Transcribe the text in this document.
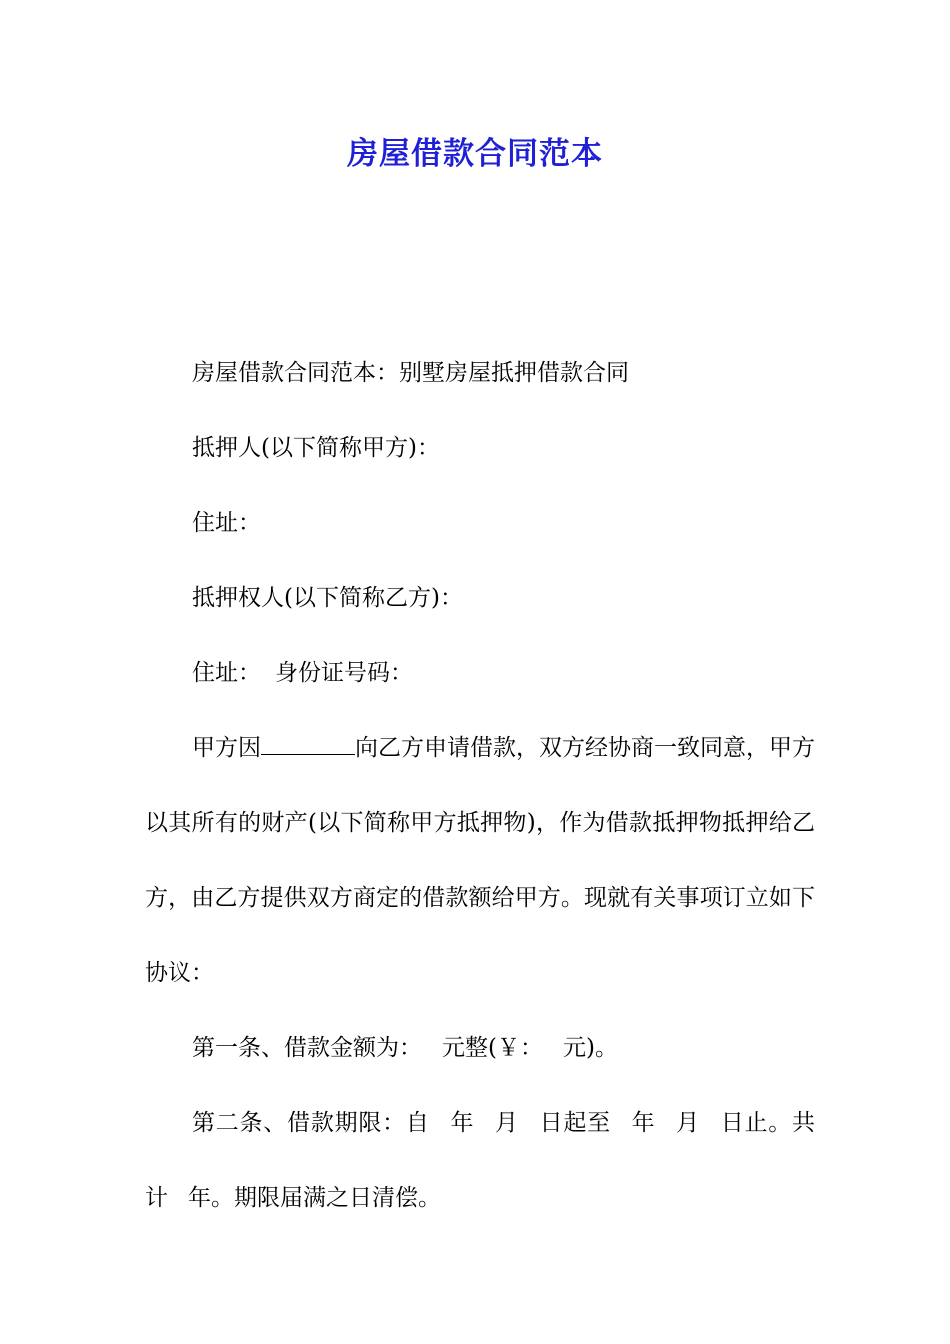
房屋借款合同范本

房屋借款合同范本：别墅房屋抵押借款合同

抵押人(以下简称甲方)：

住址：

抵押权人(以下简称乙方)：

住址： 身份证号码：

甲方因	向乙方申请借款，双方经协商一致同意，甲方以其所有的财产(以下简称甲方抵押物)，作为借款抵押物抵押给乙方，由乙方提供双方商定的借款额给甲方。现就有关事项订立如下协议：

第一条、借款金额为： 元整(￥： 元)。

第二条、借款期限：自 年 月 日起至 年 月 日止。共计 年。期限届满之日清偿。
